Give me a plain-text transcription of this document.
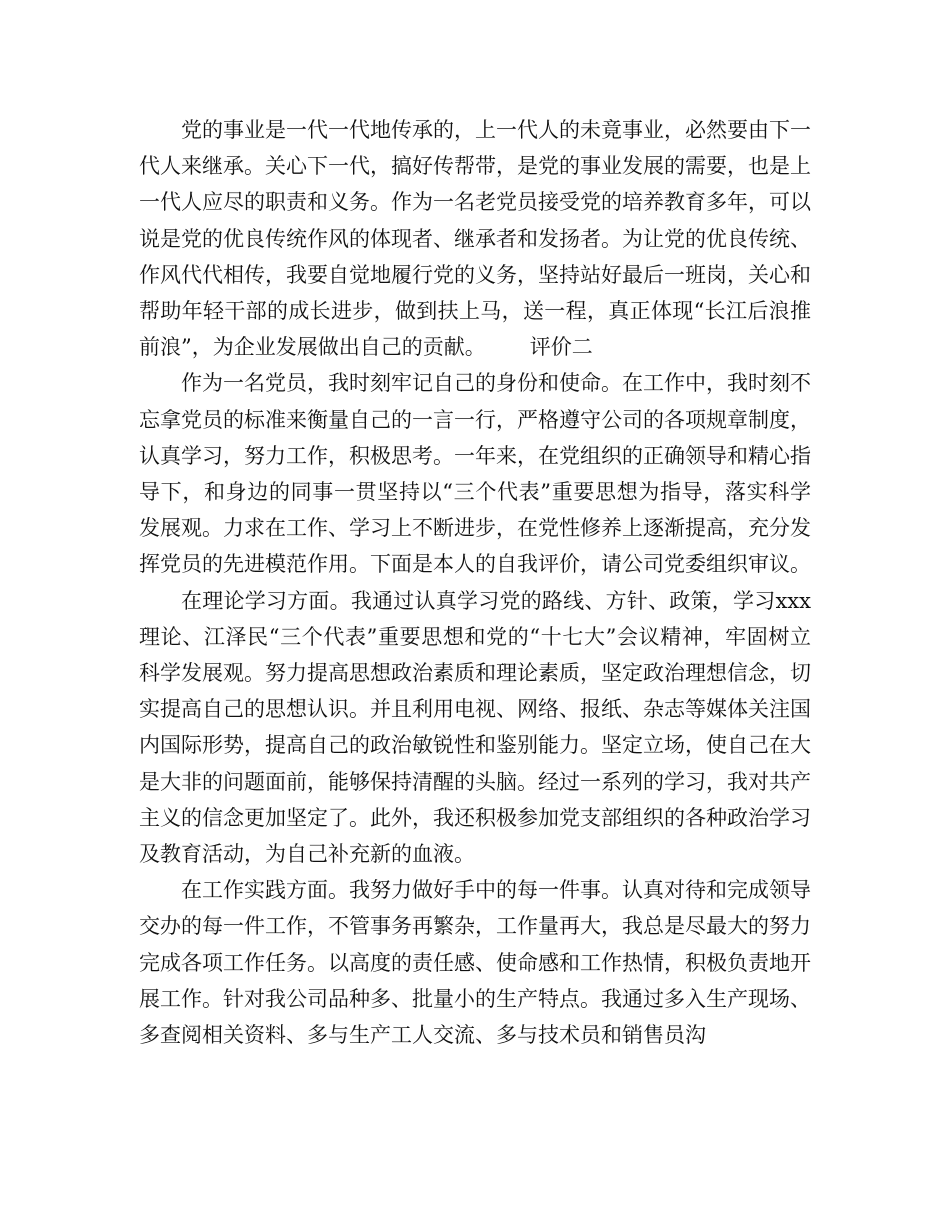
党的事业是一代一代地传承的，上一代人的未竟事业，必然要由下一代人来继承。关心下一代，搞好传帮带，是党的事业发展的需要，也是上一代人应尽的职责和义务。作为一名老党员接受党的培养教育多年，可以说是党的优良传统作风的体现者、继承者和发扬者。为让党的优良传统、作风代代相传，我要自觉地履行党的义务，坚持站好最后一班岗，关心和帮助年轻干部的成长进步，做到扶上马，送一程，真正体现“长江后浪推前浪”，为企业发展做出自己的贡献。 评价二

作为一名党员，我时刻牢记自己的身份和使命。在工作中，我时刻不忘拿党员的标准来衡量自己的一言一行，严格遵守公司的各项规章制度，认真学习，努力工作，积极思考。一年来，在党组织的正确领导和精心指导下，和身边的同事一贯坚持以“三个代表”重要思想为指导，落实科学发展观。力求在工作、学习上不断进步，在党性修养上逐渐提高，充分发挥党员的先进模范作用。下面是本人的自我评价，请公司党委组织审议。

在理论学习方面。我通过认真学习党的路线、方针、政策，学习xxx理论、江泽民“三个代表”重要思想和党的“十七大”会议精神，牢固树立科学发展观。努力提高思想政治素质和理论素质，坚定政治理想信念，切实提高自己的思想认识。并且利用电视、网络、报纸、杂志等媒体关注国内国际形势，提高自己的政治敏锐性和鉴别能力。坚定立场，使自己在大是大非的问题面前，能够保持清醒的头脑。经过一系列的学习，我对共产主义的信念更加坚定了。此外，我还积极参加党支部组织的各种政治学习及教育活动，为自己补充新的血液。

在工作实践方面。我努力做好手中的每一件事。认真对待和完成领导交办的每一件工作，不管事务再繁杂，工作量再大，我总是尽最大的努力完成各项工作任务。以高度的责任感、使命感和工作热情，积极负责地开展工作。针对我公司品种多、批量小的生产特点。我通过多入生产现场、多查阅相关资料、多与生产工人交流、多与技术员和销售员沟
